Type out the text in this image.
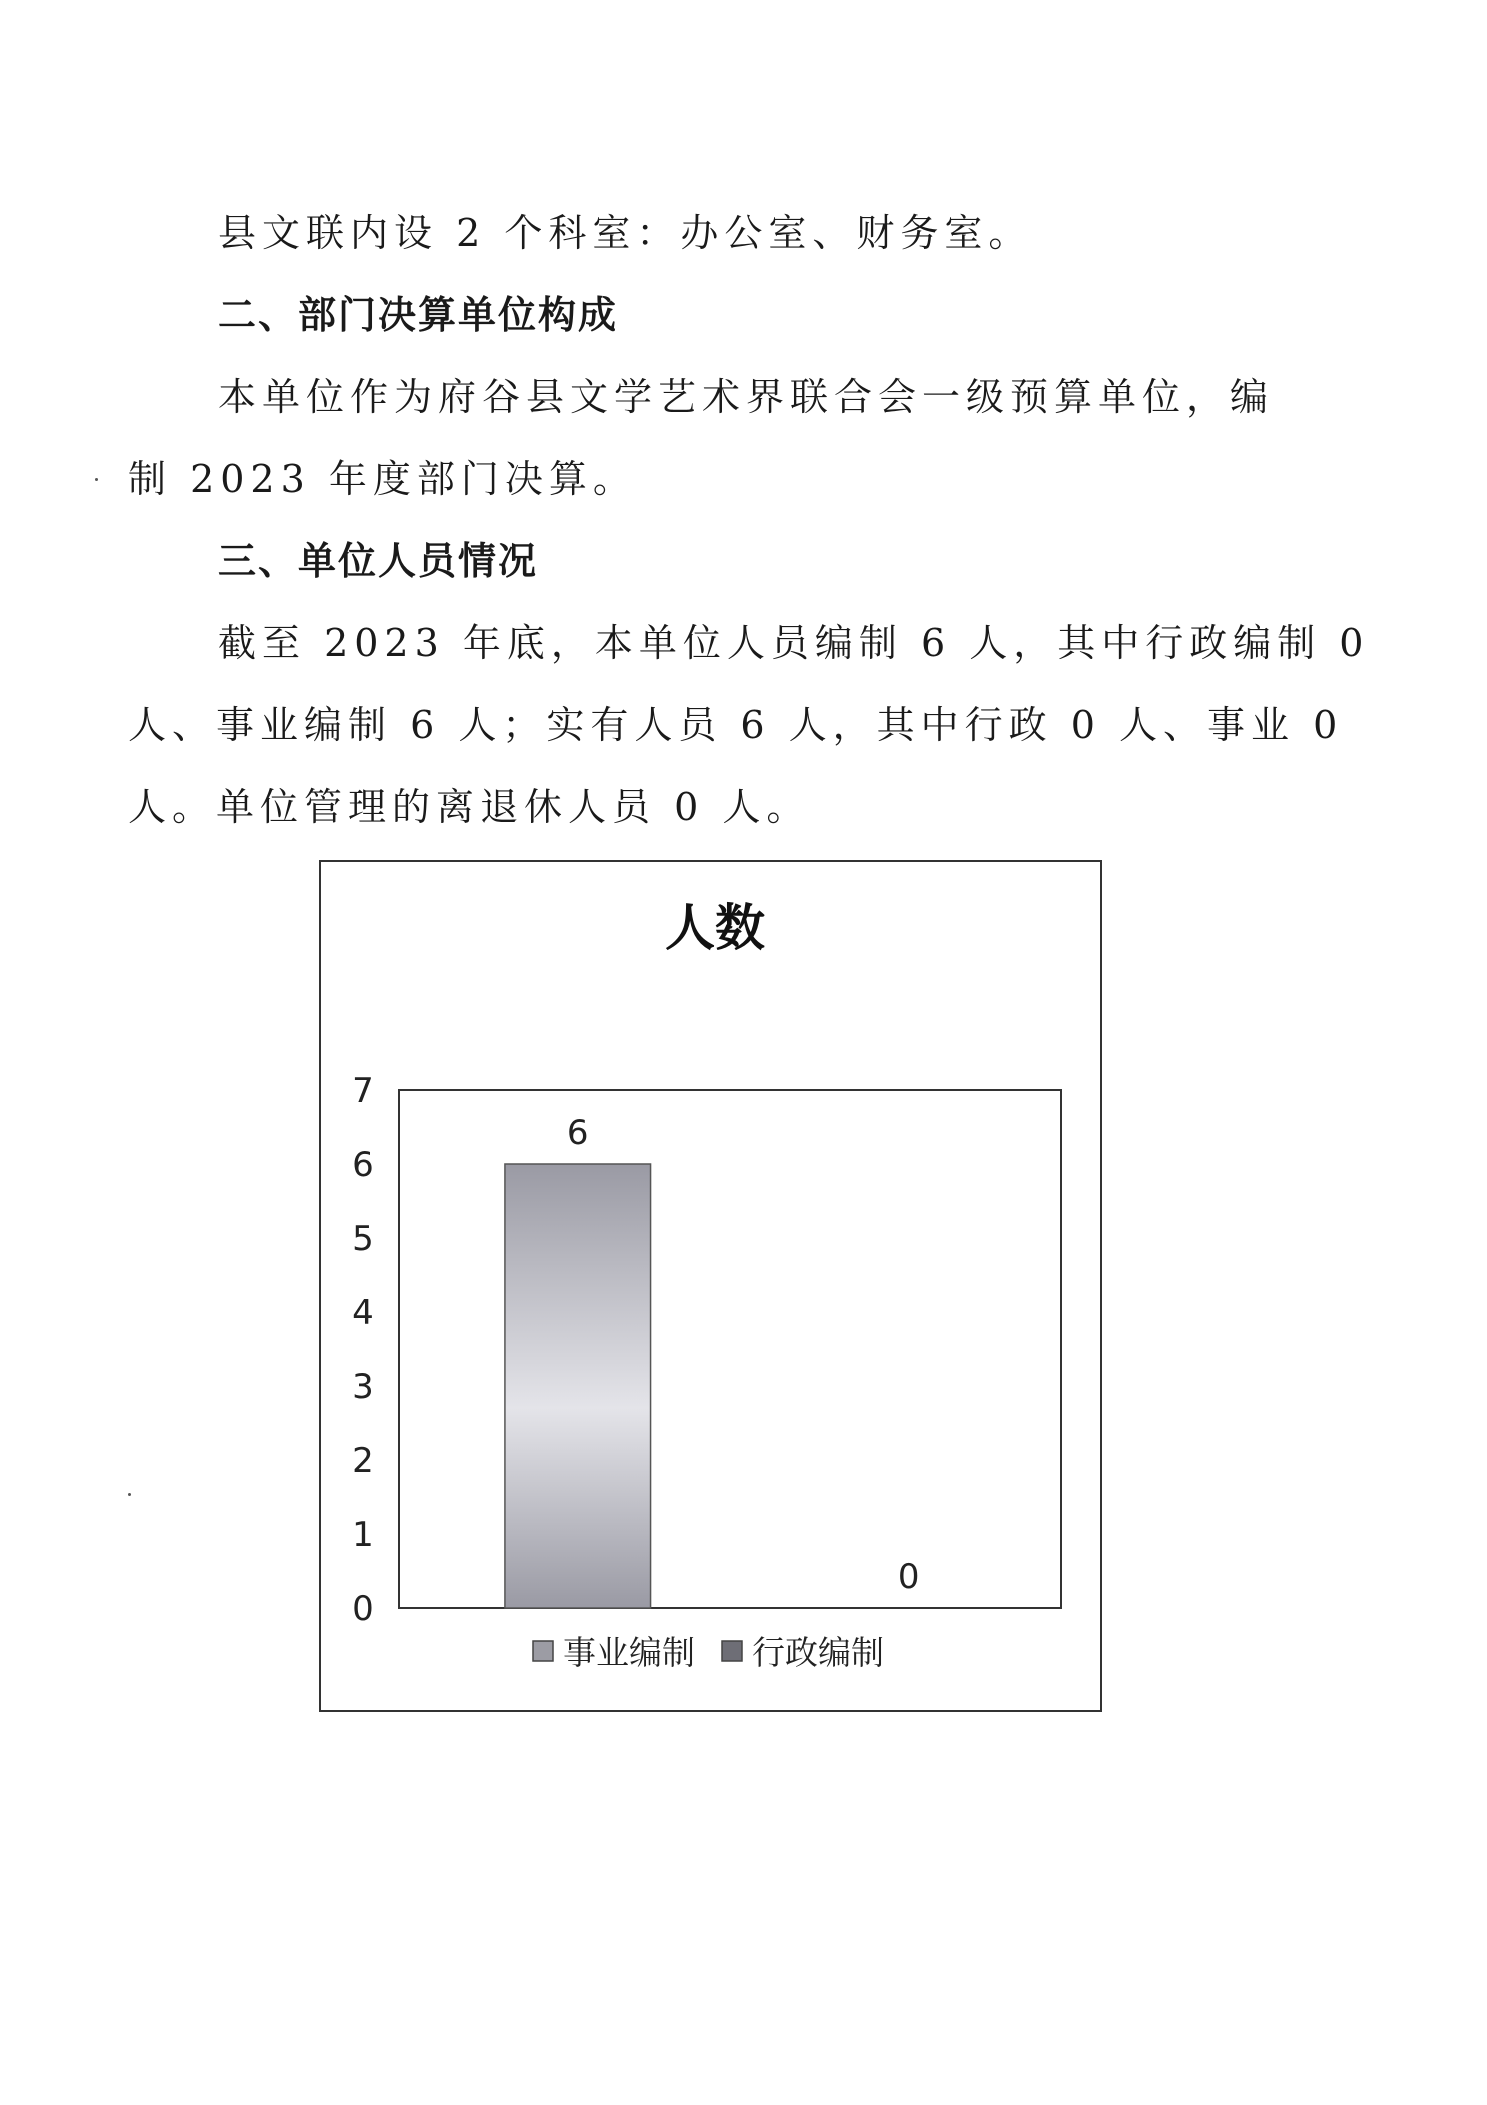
县文联内设 2 个科室：办公室、财务室。

二、部门决算单位构成

本单位作为府谷县文学艺术界联合会一级预算单位，编

制 2023 年度部门决算。

三、单位人员情况

截至 2023 年底，本单位人员编制 6 人，其中行政编制 0

人、事业编制 6 人；实有人员 6 人，其中行政 0 人、事业 0

人。单位管理的离退休人员 0 人。

人数
0
1
2
3
4
5
6
7
6
0
事业编制 行政编制
